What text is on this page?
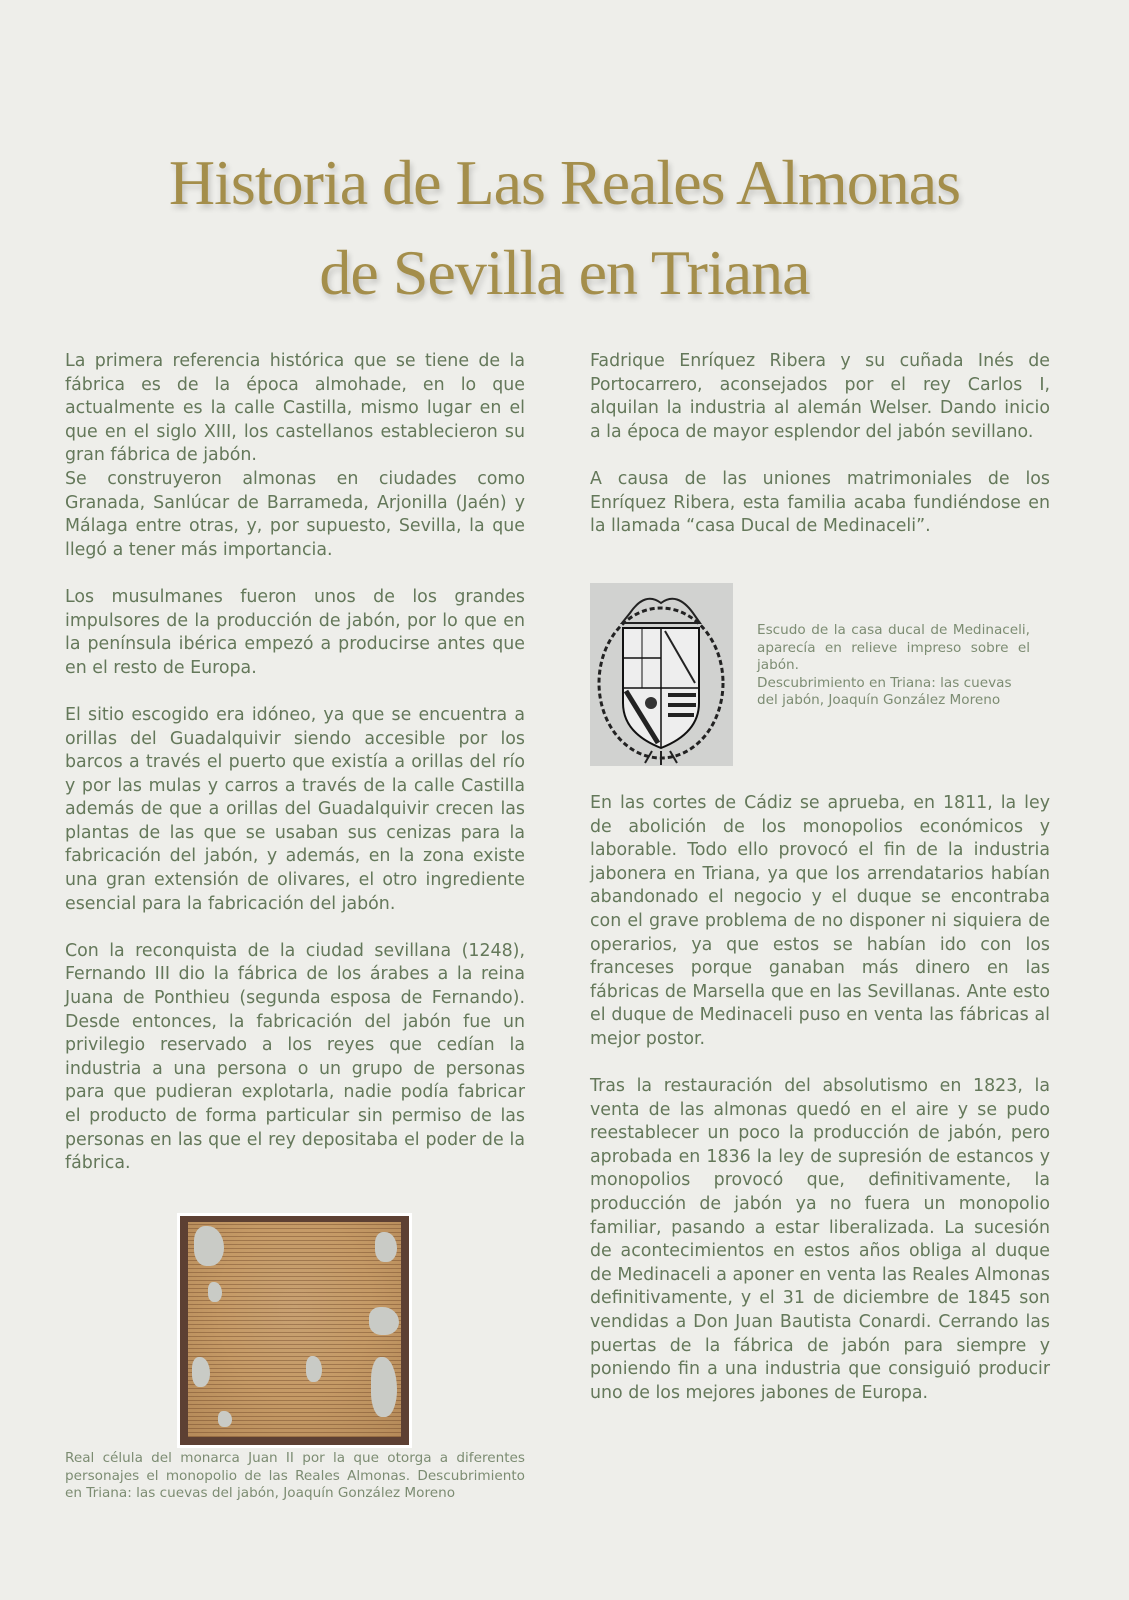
Historia de Las Reales Almonas
de Sevilla en Triana

La primera referencia histórica que se tiene de la fábrica es de la época almohade, en lo que actualmente es la calle Castilla, mismo lugar en el que en el siglo XIII, los castellanos establecieron su gran fábrica de jabón.

Se construyeron almonas en ciudades como Granada, Sanlúcar de Barrameda, Arjonilla (Jaén) y Málaga entre otras, y, por supuesto, Sevilla, la que llegó a tener más importancia.

Los musulmanes fueron unos de los grandes impulsores de la producción de jabón, por lo que en la península ibérica empezó a producirse antes que en el resto de Europa.

El sitio escogido era idóneo, ya que se encuentra a orillas del Guadalquivir siendo accesible por los barcos a través el puerto que existía a orillas del río y por las mulas y carros a través de la calle Castilla además de que a orillas del Guadalquivir crecen las plantas de las que se usaban sus cenizas para la fabricación del jabón, y además, en la zona existe una gran extensión de olivares, el otro ingrediente esencial para la fabricación del jabón.

Con la reconquista de la ciudad sevillana (1248), Fernando III dio la fábrica de los árabes a la reina Juana de Ponthieu (segunda esposa de Fernando). Desde entonces, la fabricación del jabón fue un privilegio reservado a los reyes que cedían la industria a una persona o un grupo de personas para que pudieran explotarla, nadie podía fabricar el producto de forma particular sin permiso de las personas en las que el rey depositaba el poder de la fábrica.

Real célula del monarca Juan II por la que otorga a diferentes personajes el monopolio de las Reales Almonas. Descubrimiento en Triana: las cuevas del jabón, Joaquín González Moreno

Fadrique Enríquez Ribera y su cuñada Inés de Portocarrero, aconsejados por el rey Carlos I, alquilan la industria al alemán Welser. Dando inicio a la época de mayor esplendor del jabón sevillano.

A causa de las uniones matrimoniales de los Enríquez Ribera, esta familia acaba fundiéndose en la llamada “casa Ducal de Medinaceli”.

Escudo de la casa ducal de Medinaceli, aparecía en relieve impreso sobre el jabón.
Descubrimiento en Triana: las cuevas del jabón, Joaquín González Moreno

En las cortes de Cádiz se aprueba, en 1811, la ley de abolición de los monopolios económicos y laborable. Todo ello provocó el fin de la industria jabonera en Triana, ya que los arrendatarios habían abandonado el negocio y el duque se encontraba con el grave problema de no disponer ni siquiera de operarios, ya que estos se habían ido con los franceses porque ganaban más dinero en las fábricas de Marsella que en las Sevillanas. Ante esto el duque de Medinaceli puso en venta las fábricas al mejor postor.

Tras la restauración del absolutismo en 1823, la venta de las almonas quedó en el aire y se pudo reestablecer un poco la producción de jabón, pero aprobada en 1836 la ley de supresión de estancos y monopolios provocó que, definitivamente, la producción de jabón ya no fuera un monopolio familiar, pasando a estar liberalizada. La sucesión de acontecimientos en estos años obliga al duque de Medinaceli a aponer en venta las Reales Almonas definitivamente, y el 31 de diciembre de 1845 son vendidas a Don Juan Bautista Conardi. Cerrando las puertas de la fábrica de jabón para siempre y poniendo fin a una industria que consiguió producir uno de los mejores jabones de Europa.
